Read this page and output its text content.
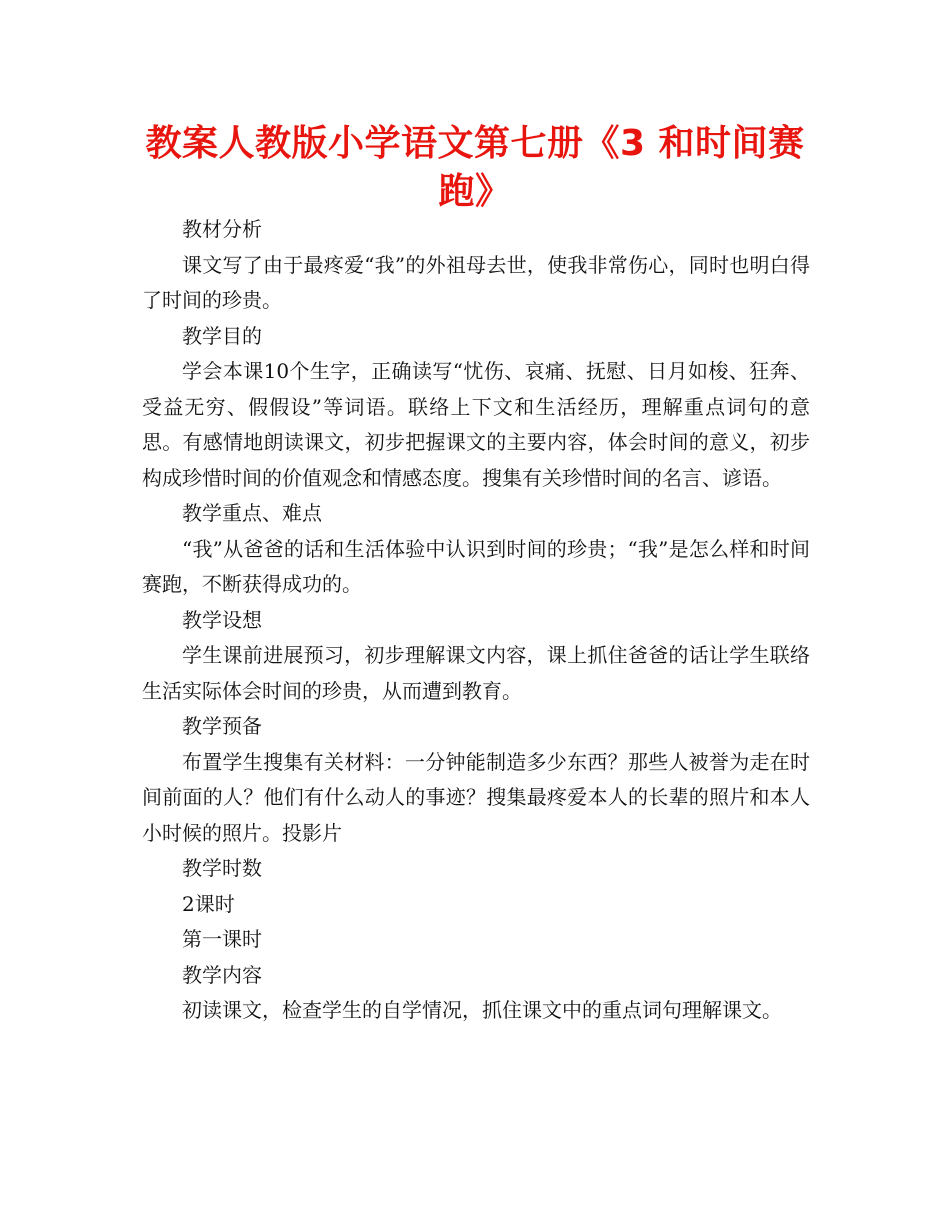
教案人教版小学语文第七册《3 和时间赛跑》

教材分析

课文写了由于最疼爱“我”的外祖母去世，使我非常伤心，同时也明白得了时间的珍贵。

教学目的

学会本课10个生字，正确读写“忧伤、哀痛、抚慰、日月如梭、狂奔、受益无穷、假假设”等词语。联络上下文和生活经历，理解重点词句的意思。有感情地朗读课文，初步把握课文的主要内容，体会时间的意义，初步构成珍惜时间的价值观念和情感态度。搜集有关珍惜时间的名言、谚语。

教学重点、难点

“我”从爸爸的话和生活体验中认识到时间的珍贵；“我”是怎么样和时间赛跑，不断获得成功的。

教学设想

学生课前进展预习，初步理解课文内容，课上抓住爸爸的话让学生联络生活实际体会时间的珍贵，从而遭到教育。

教学预备

布置学生搜集有关材料：一分钟能制造多少东西？那些人被誉为走在时间前面的人？他们有什么动人的事迹？搜集最疼爱本人的长辈的照片和本人小时候的照片。投影片

教学时数

2课时

第一课时

教学内容

初读课文，检查学生的自学情况，抓住课文中的重点词句理解课文。
